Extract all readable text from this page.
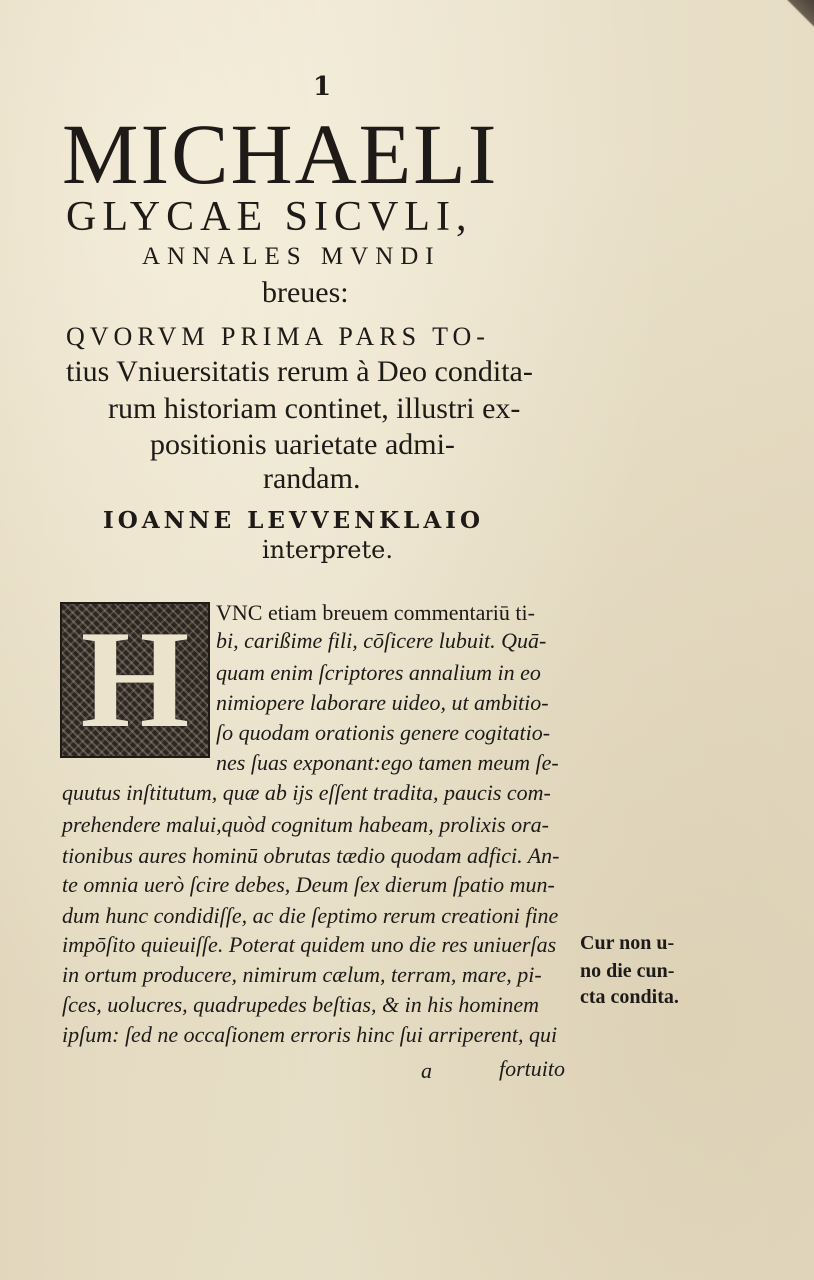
1
MICHAELI
GLYCAE SICVLI,
ANNALES MVNDI
breues:
QVORVM PRIMA PARS TO-
tius Vniuersitatis rerum à Deo condita-
rum historiam continet, illustri ex-
positionis uarietate admi-
randam.
IOANNE LEVVENKLAIO
interprete.
H	VNC etiam breuem commentariū ti-
bi, carißime fili, cōſicere lubuit. Quā-
quam enim ſcriptores annalium in eo
nimiopere laborare uideo, ut ambitio-
ſo quodam orationis genere cogitatio-
nes ſuas exponant:ego tamen meum ſe-
quutus inſtitutum, quæ ab ijs eſſent tradita, paucis com-
prehendere malui,quòd cognitum habeam, prolixis ora-
tionibus aures hominū obrutas tædio quodam adfici. An-
te omnia uerò ſcire debes, Deum ſex dierum ſpatio mun-
dum hunc condidiſſe, ac die ſeptimo rerum creationi fine
impōſito quieuiſſe. Poterat quidem uno die res uniuerſas
in ortum producere, nimirum cælum, terram, mare, pi-
ſces, uolucres, quadrupedes beſtias, & in his hominem
ipſum: ſed ne occaſionem erroris hinc ſui arriperent, qui
Cur non u-
no die cun-
cta condita.
a	fortuito
